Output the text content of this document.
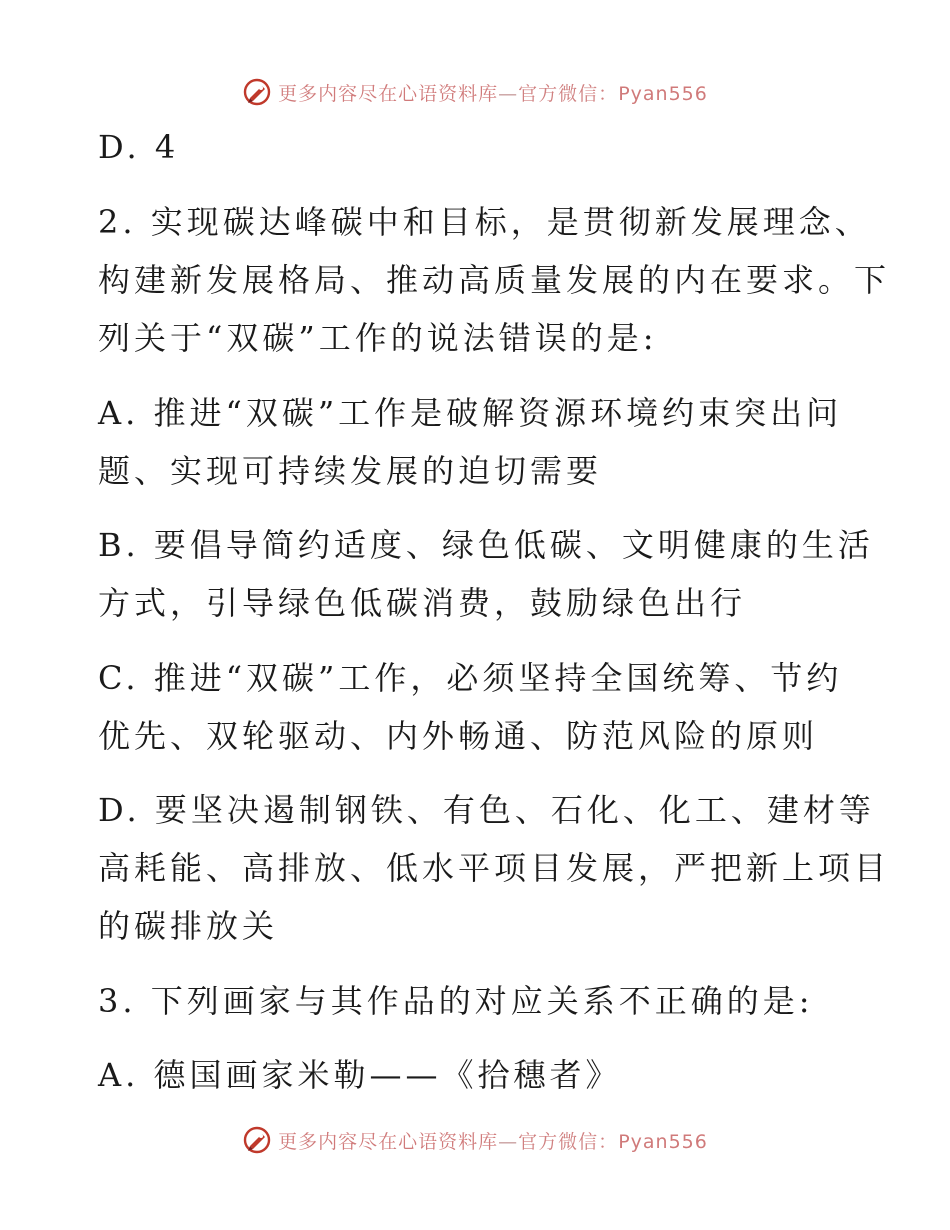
更多内容尽在心语资料库—官方微信：Pyan556
D. 4
2. 实现碳达峰碳中和目标，是贯彻新发展理念、
构建新发展格局、推动高质量发展的内在要求。下
列关于“双碳”工作的说法错误的是:
A. 推进“双碳”工作是破解资源环境约束突出问
题、实现可持续发展的迫切需要
B. 要倡导简约适度、绿色低碳、文明健康的生活
方式，引导绿色低碳消费，鼓励绿色出行
C. 推进“双碳”工作，必须坚持全国统筹、节约
优先、双轮驱动、内外畅通、防范风险的原则
D. 要坚决遏制钢铁、有色、石化、化工、建材等
高耗能、高排放、低水平项目发展，严把新上项目
的碳排放关
3. 下列画家与其作品的对应关系不正确的是:
A. 德国画家米勒——《拾穗者》
更多内容尽在心语资料库—官方微信：Pyan556
